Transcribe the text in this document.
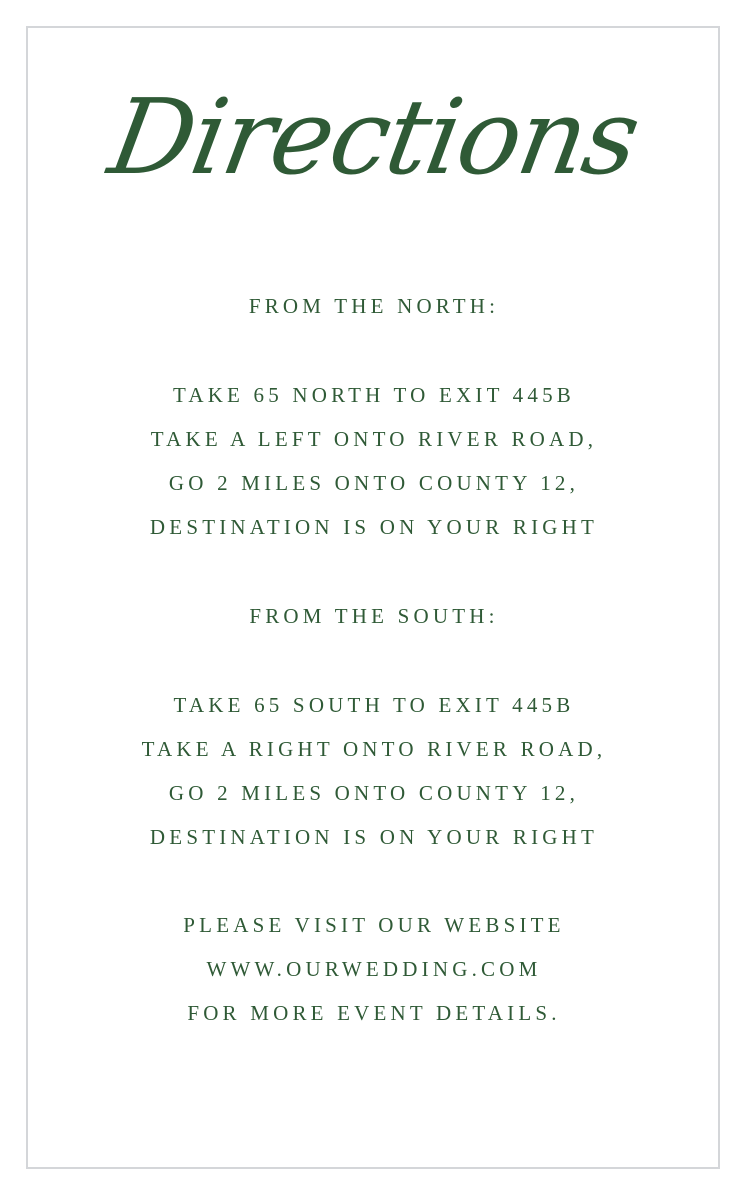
Directions
FROM THE NORTH:
TAKE 65 NORTH TO EXIT 445B
TAKE A LEFT ONTO RIVER ROAD,
GO 2 MILES ONTO COUNTY 12,
DESTINATION IS ON YOUR RIGHT
FROM THE SOUTH:
TAKE 65 SOUTH TO EXIT 445B
TAKE A RIGHT ONTO RIVER ROAD,
GO 2 MILES ONTO COUNTY 12,
DESTINATION IS ON YOUR RIGHT
PLEASE VISIT OUR WEBSITE
WWW.OURWEDDING.COM
FOR MORE EVENT DETAILS.
